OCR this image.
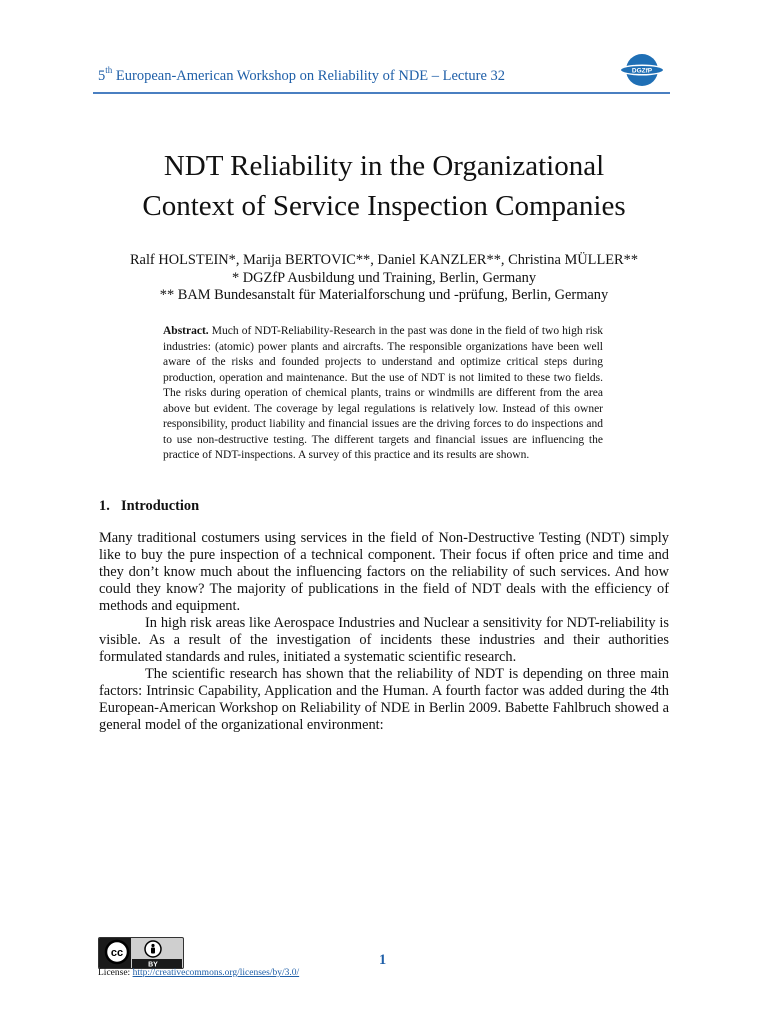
5th European-American Workshop on Reliability of NDE – Lecture 32	DGZfP
NDT Reliability in the Organizational
Context of Service Inspection Companies
Ralf HOLSTEIN*, Marija BERTOVIC**, Daniel KANZLER**, Christina MÜLLER**
* DGZfP Ausbildung und Training, Berlin, Germany
** BAM Bundesanstalt für Materialforschung und -prüfung, Berlin, Germany
Abstract. Much of NDT-Reliability-Research in the past was done in the field of two high risk industries: (atomic) power plants and aircrafts. The responsible organizations have been well aware of the risks and founded projects to understand and optimize critical steps during production, operation and maintenance. But the use of NDT is not limited to these two fields. The risks during operation of chemical plants, trains or windmills are different from the area above but evident. The coverage by legal regulations is relatively low. Instead of this owner responsibility, product liability and financial issues are the driving forces to do inspections and to use non-destructive testing. The different targets and financial issues are influencing the practice of NDT-inspections. A survey of this practice and its results are shown.
1. Introduction

Many traditional costumers using services in the field of Non-Destructive Testing (NDT) simply like to buy the pure inspection of a technical component. Their focus if often price and time and they don’t know much about the influencing factors on the reliability of such services. And how could they know? The majority of publications in the field of NDT deals with the efficiency of methods and equipment.

In high risk areas like Aerospace Industries and Nuclear a sensitivity for NDT-reliability is visible. As a result of the investigation of incidents these industries and their authorities formulated standards and rules, initiated a systematic scientific research.

The scientific research has shown that the reliability of NDT is depending on three main factors: Intrinsic Capability, Application and the Human. A fourth factor was added during the 4th European-American Workshop on Reliability of NDE in Berlin 2009. Babette Fahlbruch showed a general model of the organizational environment:

cc
BY
License: http://creativecommons.org/licenses/by/3.0/
1
